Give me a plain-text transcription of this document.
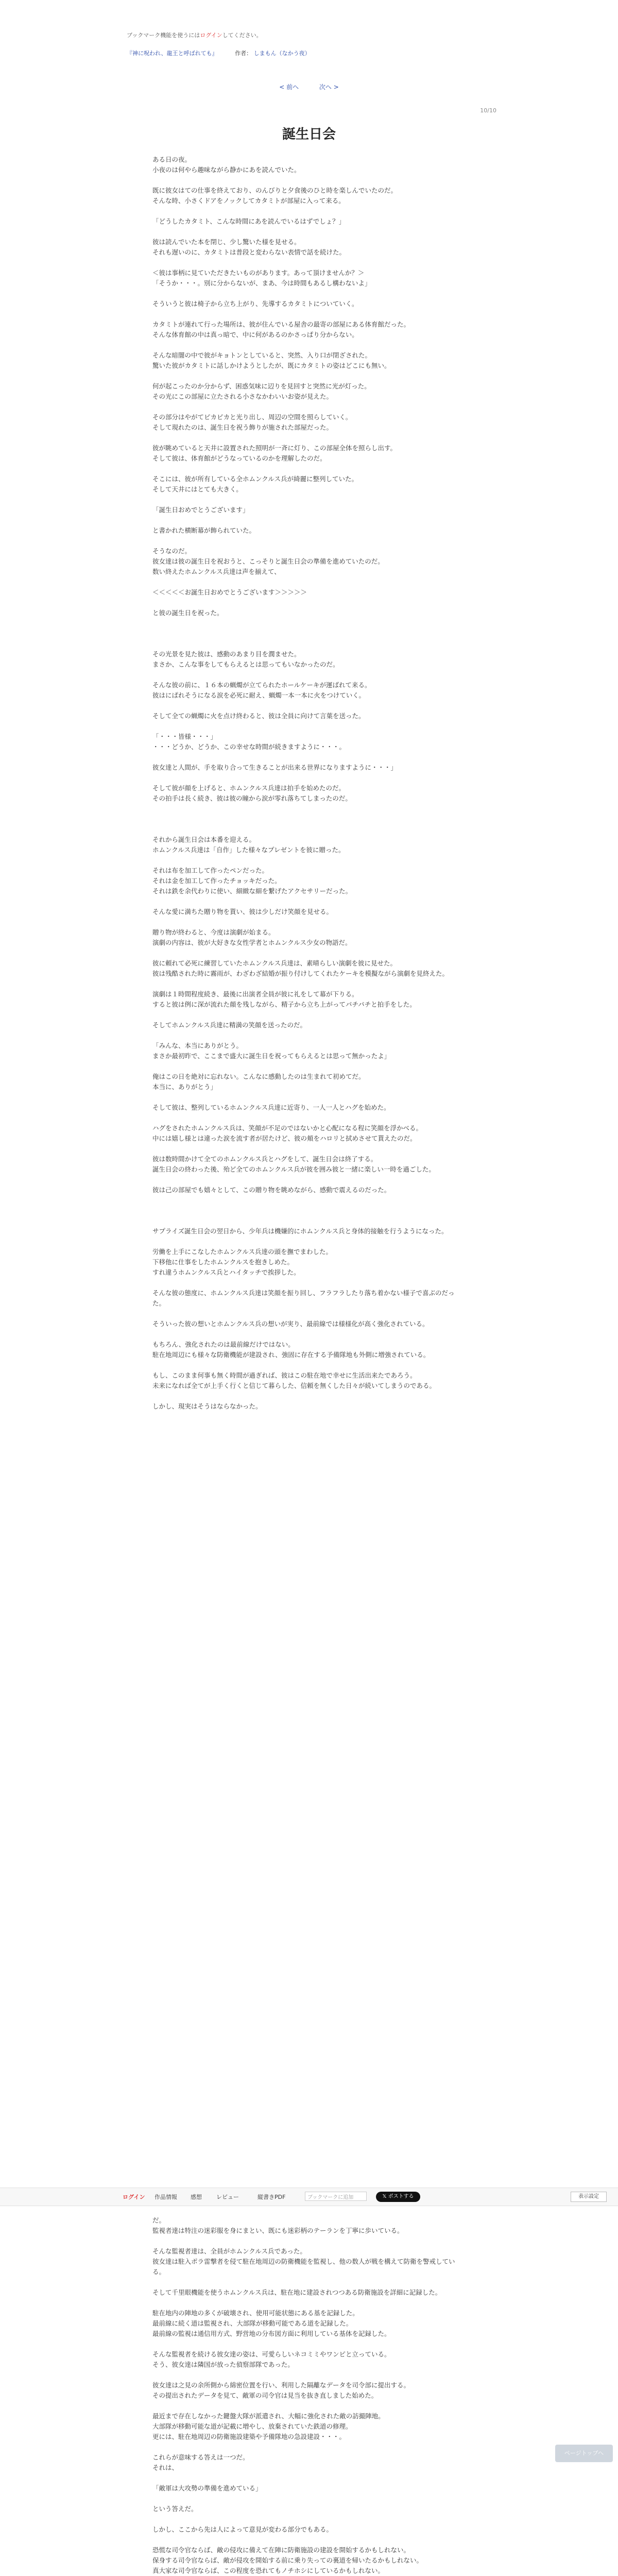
ブックマーク機能を使うにはログインしてください。
『神に呪われ、龍王と呼ばれても』	作者： しまもん（なかう夜）
< 前へ	次へ >
10/10
誕生日会

ある日の夜。
小夜のは何やら趣味ながら静かにあを読んでいた。

既に彼女はての仕事を終えており、のんびりと夕食後のひと時を楽しんでいたのだ。
そんな時、小さくドアをノックしてカタミトが部屋に入って来る。

「どうしたカタミト、こんな時間にあを読んでいるはずでしょ？」

彼は読んでいた本を閉じ、少し驚いた様を見せる。
それも遅いのに、カタミトは普段と変わらない表情で話を続けた。

＜彼は事柄に見ていただきたいものがあります。あって頂けませんか？＞
「そうか・・・。別に分からないが、まあ、今は時間もあるし構わないよ」

そういうと彼は椅子から立ち上がり、先導するカタミトについていく。

カタミトが連れて行った場所は、彼が住んでいる屋舎の最寄の部屋にある体育館だった。
そんな体育館の中は真っ暗で、中に何があるのかさっぱり分からない。

そんな暗闇の中で彼がキョトンとしていると、突然、入り口が閉ざされた。
驚いた彼がカタミトに話しかけようとしたが、既にカタミトの姿はどこにも無い。

何が起こったのか分からず、困惑気味に辺りを見回すと突然に光が灯った。
その光にこの部屋に立たされる小さなかわいいお姿が見えた。

その部分はやがてピカピカと光り出し、周辺の空間を照らしていく。
そして現れたのは、誕生日を祝う飾りが施された部屋だった。

彼が眺めていると天井に設置された照明が一斉に灯り、この部屋全体を照らし出す。
そして彼は、体育館がどうなっているのかを理解したのだ。

そこには、彼が所有している全ホムンクルス兵が綺麗に整列していた。
そして天井にはとても大きく。

「誕生日おめでとうございます」

と書かれた横断幕が飾られていた。

そうなのだ。
彼女達は彼の誕生日を祝おうと、こっそりと誕生日会の準備を進めていたのだ。
数い終えたホムンクルス兵達は声を揃えて、

＜＜＜＜＜お誕生日おめでとうございます＞＞＞＞＞

と彼の誕生日を祝った。

その光景を見た彼は、感動のあまり目を潤ませた。
まさか、こんな事をしてもらえるとは思ってもいなかったのだ。

そんな彼の前に、１６本の蝋燭が立てられたホールケーキが運ばれて来る。
彼はにぱれそうになる涙を必死に耐え、蝋燭一本一本に火をつけていく。

そして全ての蝋燭に火を点け終わると、彼は全員に向けて言葉を送った。

「・・・皆様・・・」
・・・どうか、どうか、この幸せな時間が続きますように・・・。

彼女達と人間が、手を取り合って生きることが出来る世界になりますように・・・」

そして彼が顔を上げると、ホムンクルス兵達は拍手を始めたのだ。
その拍手は長く続き、彼は彼の瞳から涙が零れ落ちてしまったのだ。

それから誕生日会は本番を迎える。
ホムンクルス兵達は「自作」した様々なプレゼントを彼に贈った。

それは布を加工して作ったペンだった。
それは金を加工して作ったチョッキだった。
それは鉄を余代わりに使い、細緻な細を繋げたアクセサリーだった。

そんな愛に満ちた贈り物を貰い、彼は少しだけ笑顔を見せる。

贈り物が終わると、今度は演劇が始まる。
演劇の内容は、彼が大好きな女性学者とホムンクルス少女の物語だ。

彼に頼れて必死に練習していたホムンクルス兵達は、素晴らしい演劇を彼に見せた。
彼は残酷された時に霧雨が、わざわざ結婚が振り付けしてくれたケーキを模擬ながら演劇を見終えた。

演劇は１時間程度続き、最後に出演者全員が彼に礼をして幕が下りる。
すると彼は例に深が流れた顔を残しながら、精子から立ち上がってパチパチと拍手をした。

そしてホムンクルス兵達に精満の笑顔を送ったのだ。

「みんな、本当にありがとう。
まさか最初昨で、ここまで盛大に誕生日を祝ってもらえるとは思って無かったよ」

俺はこの日を絶対に忘れない。こんなに感動したのは生まれて初めてだ。
本当に、ありがとう」

そして彼は、整列しているホムンクルス兵達に近寄り、一人一人とハグを始めた。

ハグをされたホムンクルス兵は、笑顔が不足のではないかと心配になる程に笑顔を浮かべる。
中には嬉し様とは違った涙を流す者が居たけど、彼の頬をハロリと拭めさせて貰えたのだ。

彼は数時間かけて全てのホムンクルス兵とハグをして、誕生日会は終了する。
誕生日会の終わった後、殆ど全てのホムンクルス兵が彼を囲み彼と一緒に楽しい一時を過ごした。

彼は己の部屋でも嬉々として、この贈り物を眺めながら、感動で震えるのだった。

サプライズ誕生日会の翌日から、少年兵は機嫌的にホムンクルス兵と身体的接触を行うようになった。

労働を上手にこなしたホムンクルス兵達の頭を撫でまわした。
下移他に仕事をしたホムンクルスを抱きしめた。
すれ違うホムンクルス兵とハイタッチで挨拶した。

そんな彼の態度に、ホムンクルス兵達は笑顔を振り回し、フラフラしたり落ち着かない様子で喜ぶのだった。

そういった彼の想いとホムンクルス兵の想いが実り、最前線では様様化が高く強化されている。

もちろん、強化されたのは最前線だけではない。
駐在地周辺にも様々な防衛機能が建設され、強固に存在する予備隊地も外側に増強されている。

もし、このまま何事も無く時間が過ぎれば、彼はこの駐在地で幸せに生活出来たであろう。
未来になれば全てが上手く行くと信じて暮らした、信頼を無くした日々が続いてしまうのである。

しかし、現実はそうはならなかった。

ログイン 作品情報 感想	レビュー	縦書きPDF	ブックマークに追加	𝕏 ポストする	表示設定

だ。
監視者達は特注の迷彩服を身にまとい、既にも迷彩柄のテーランを丁寧に歩いている。

そんな監視者達は、全員がホムンクルス兵であった。
彼女達は駐入ポラ雷撃者を侵て駐在地周辺の防衛機能を監視し、他の数人が戦を構えて防衛を警戒している。

そして千里眼機能を使うホムンクルス兵は、駐在地に建設されつつある防衛施設を詳細に記録した。

駐在地内の陣地の多くが破壊され、使用可能状態にある基を記録した。
最前線に続く道は監視され、大部隊が移動可能である道を記録した。
最前線の監視は通信用方式、野営地の分布図方面に利用している基体を記録した。

そんな監視者を続ける彼女達の姿は、可愛らしいネコミミやワンピと立っている。
そう、彼女達は隣国が放った偵察部隊であった。

彼女達は之見の余所側から綿密位置を行い、利用した隔離なデータを司令部に提出する。
その提出されたデータを見て、敵軍の司令官は見当を抜き直しました始めた。

最近まで存在しなかった鍵盤大隊が派遣され、大幅に強化された敵の訪撮陣地。
大部隊が移動可能な道が記載に増やし、放棄されていた鉄道の修理。
更には、駐在地周辺の防衛施設建築や予備隊地の急設建設・・・。

これらが意味する答えは一つだ。
それは、

「敵軍は大攻勢の準備を進めている」

という答えだ。

しかし、ここから先は人によって意見が変わる部分でもある。

恐慌な司令官ならば、敵の侵攻に備えて在陣に防衛施設の建設を開始するかもしれない。
保身する司令官ならば、敵が侵攻を開始する前に乗り失っての裏道を帰いたるかもしれない。
真大家な司令官ならば、この程度を恐れてもノチホシにしているかもしれない。

ページトップへ
